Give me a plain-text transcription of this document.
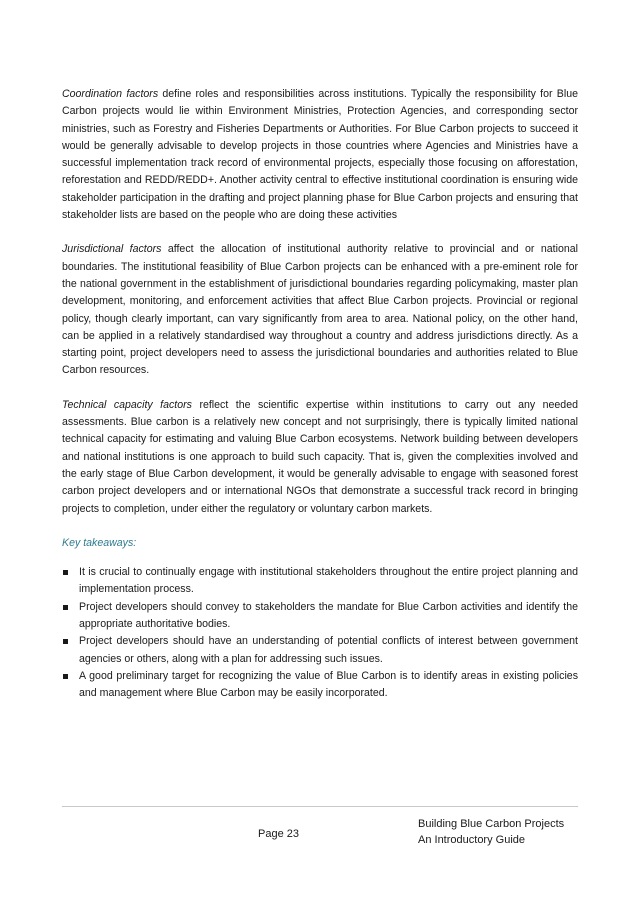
Coordination factors define roles and responsibilities across institutions. Typically the responsibility for Blue Carbon projects would lie within Environment Ministries, Protection Agencies, and corresponding sector ministries, such as Forestry and Fisheries Departments or Authorities. For Blue Carbon projects to succeed it would be generally advisable to develop projects in those countries where Agencies and Ministries have a successful implementation track record of environmental projects, especially those focusing on afforestation, reforestation and REDD/REDD+. Another activity central to effective institutional coordination is ensuring wide stakeholder participation in the drafting and project planning phase for Blue Carbon projects and ensuring that stakeholder lists are based on the people who are doing these activities

Jurisdictional factors affect the allocation of institutional authority relative to provincial and or national boundaries. The institutional feasibility of Blue Carbon projects can be enhanced with a pre-eminent role for the national government in the establishment of jurisdictional boundaries regarding policymaking, master plan development, monitoring, and enforcement activities that affect Blue Carbon projects. Provincial or regional policy, though clearly important, can vary significantly from area to area. National policy, on the other hand, can be applied in a relatively standardised way throughout a country and address jurisdictions directly. As a starting point, project developers need to assess the jurisdictional boundaries and authorities related to Blue Carbon resources.

Technical capacity factors reflect the scientific expertise within institutions to carry out any needed assessments. Blue carbon is a relatively new concept and not surprisingly, there is typically limited national technical capacity for estimating and valuing Blue Carbon ecosystems. Network building between developers and national institutions is one approach to build such capacity. That is, given the complexities involved and the early stage of Blue Carbon development, it would be generally advisable to engage with seasoned forest carbon project developers and or international NGOs that demonstrate a successful track record in bringing projects to completion, under either the regulatory or voluntary carbon markets.

Key takeaways:

It is crucial to continually engage with institutional stakeholders throughout the entire project planning and implementation process.
Project developers should convey to stakeholders the mandate for Blue Carbon activities and identify the appropriate authoritative bodies.
Project developers should have an understanding of potential conflicts of interest between government agencies or others, along with a plan for addressing such issues.
A good preliminary target for recognizing the value of Blue Carbon is to identify areas in existing policies and management where Blue Carbon may be easily incorporated.
Page 23
Building Blue Carbon Projects
An Introductory Guide
